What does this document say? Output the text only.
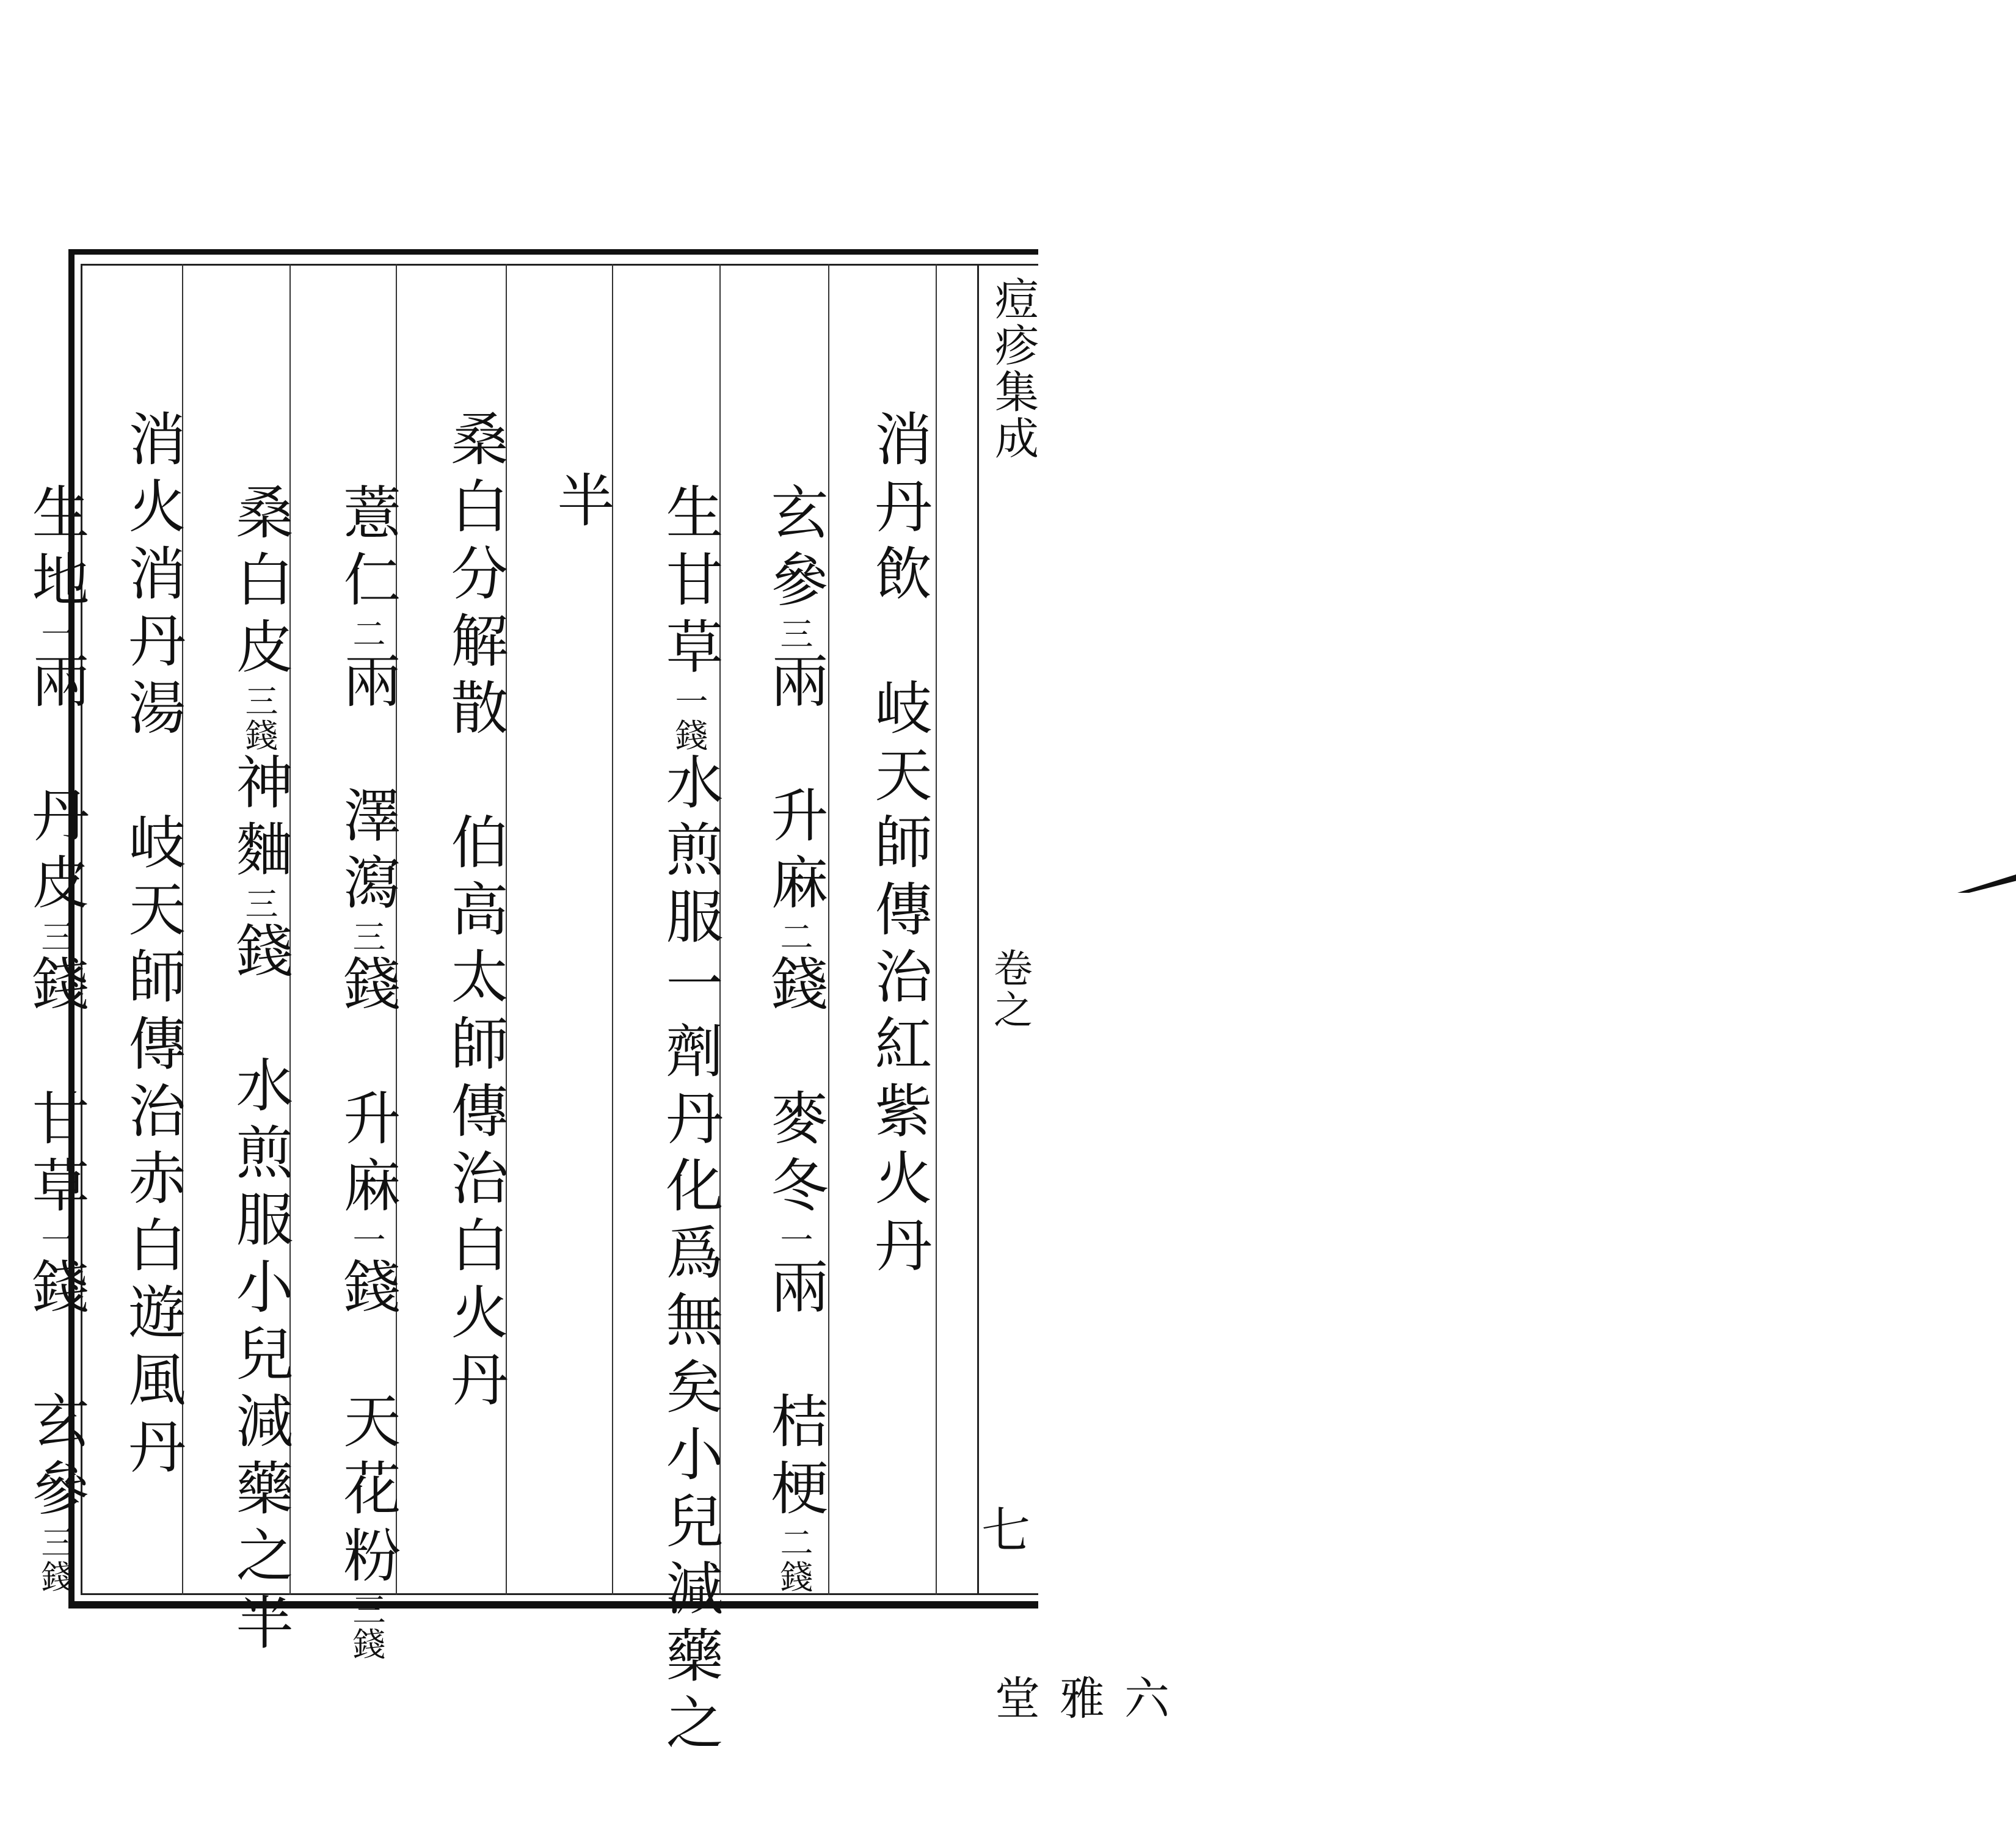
痘疹集成
卷之
七
六雅堂
消丹飲　岐天師傳治紅紫火丹
玄參三兩　升麻二錢　麥冬一兩　桔梗二錢
生甘草一錢水煎服一劑丹化爲無矣小兒減藥之
半
桑白分解散　伯高太師傳治白火丹
薏仁二兩　澤瀉三錢　升麻一錢　天花粉三錢
桑白皮三錢神麯三錢　水煎服小兒減藥之半
消火消丹湯　岐天師傳治赤白遊風丹
生地一兩　丹皮三錢　甘草一錢　玄參三錢
